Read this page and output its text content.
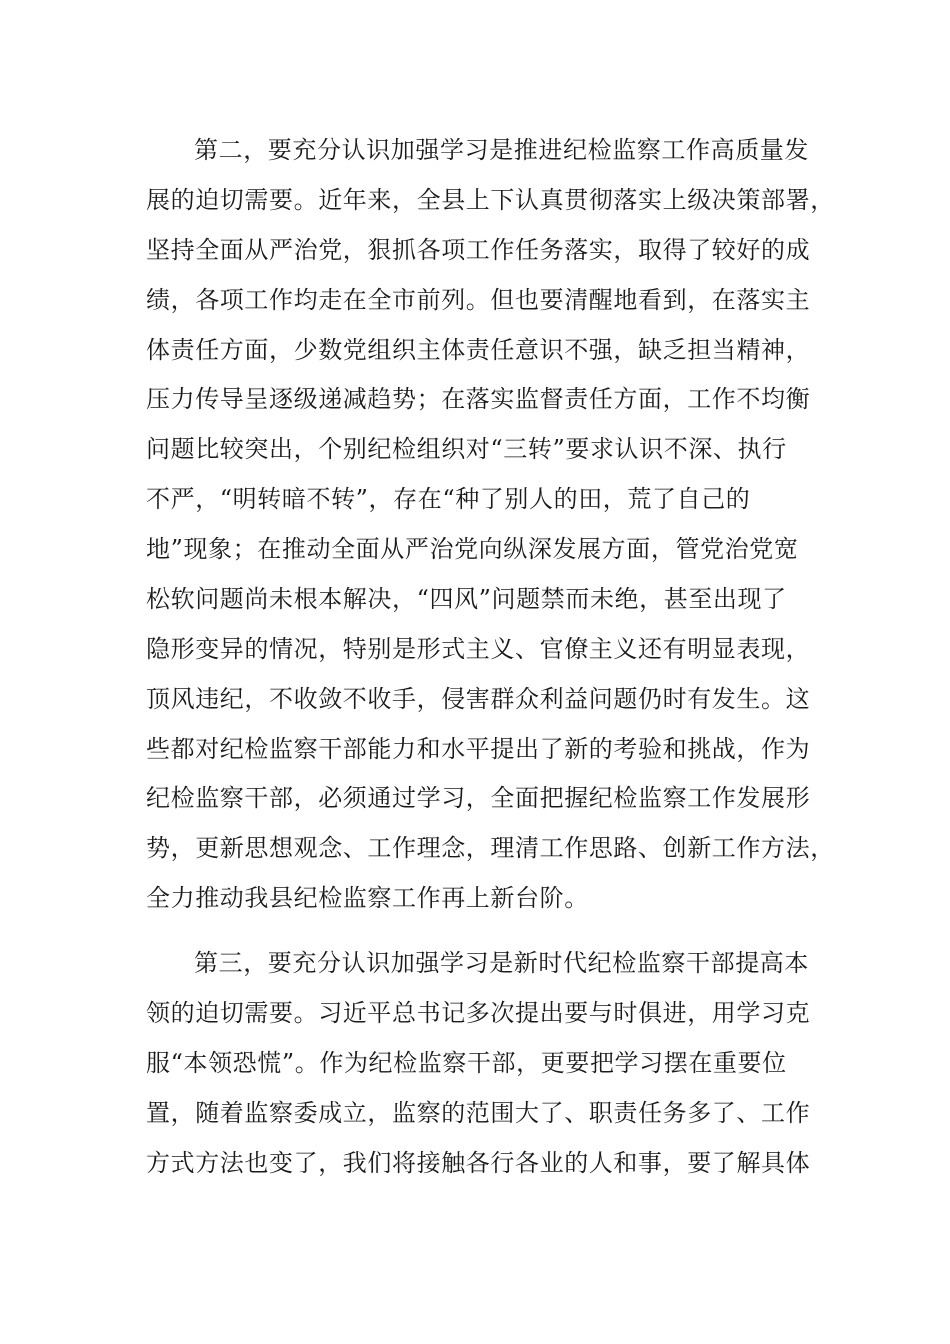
第二，要充分认识加强学习是推进纪检监察工作高质量发
展的迫切需要。近年来，全县上下认真贯彻落实上级决策部署，
坚持全面从严治党，狠抓各项工作任务落实，取得了较好的成
绩，各项工作均走在全市前列。但也要清醒地看到，在落实主
体责任方面，少数党组织主体责任意识不强，缺乏担当精神，
压力传导呈逐级递减趋势；在落实监督责任方面，工作不均衡
问题比较突出，个别纪检组织对“三转”要求认识不深、执行
不严，“明转暗不转”，存在“种了别人的田，荒了自己的
地”现象；在推动全面从严治党向纵深发展方面，管党治党宽
松软问题尚未根本解决，“四风”问题禁而未绝，甚至出现了
隐形变异的情况，特别是形式主义、官僚主义还有明显表现，
顶风违纪，不收敛不收手，侵害群众利益问题仍时有发生。这
些都对纪检监察干部能力和水平提出了新的考验和挑战，作为
纪检监察干部，必须通过学习，全面把握纪检监察工作发展形
势，更新思想观念、工作理念，理清工作思路、创新工作方法，
全力推动我县纪检监察工作再上新台阶。
第三，要充分认识加强学习是新时代纪检监察干部提高本
领的迫切需要。习近平总书记多次提出要与时俱进，用学习克
服“本领恐慌”。作为纪检监察干部，更要把学习摆在重要位
置，随着监察委成立，监察的范围大了、职责任务多了、工作
方式方法也变了，我们将接触各行各业的人和事，要了解具体
